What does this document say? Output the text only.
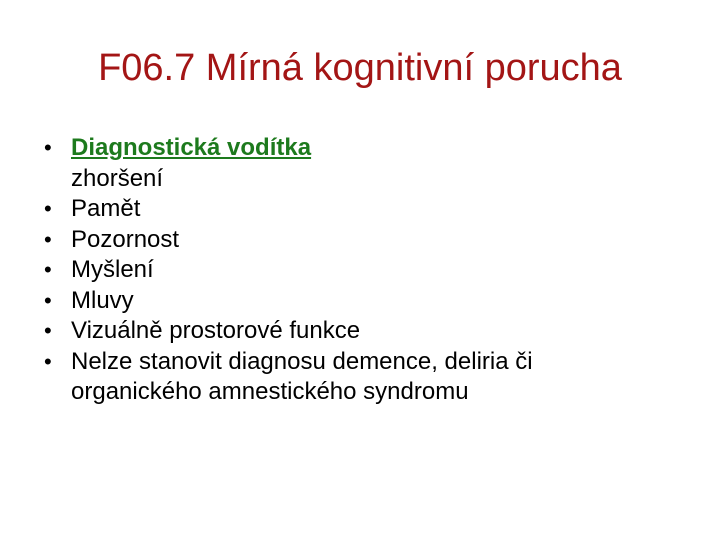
F06.7 Mírná kognitivní porucha
• Diagnostická vodítka
zhoršení
• Pamět
• Pozornost
• Myšlení
• Mluvy
• Vizuálně prostorové funkce
• Nelze stanovit diagnosu demence, deliria či
organického amnestického syndromu
